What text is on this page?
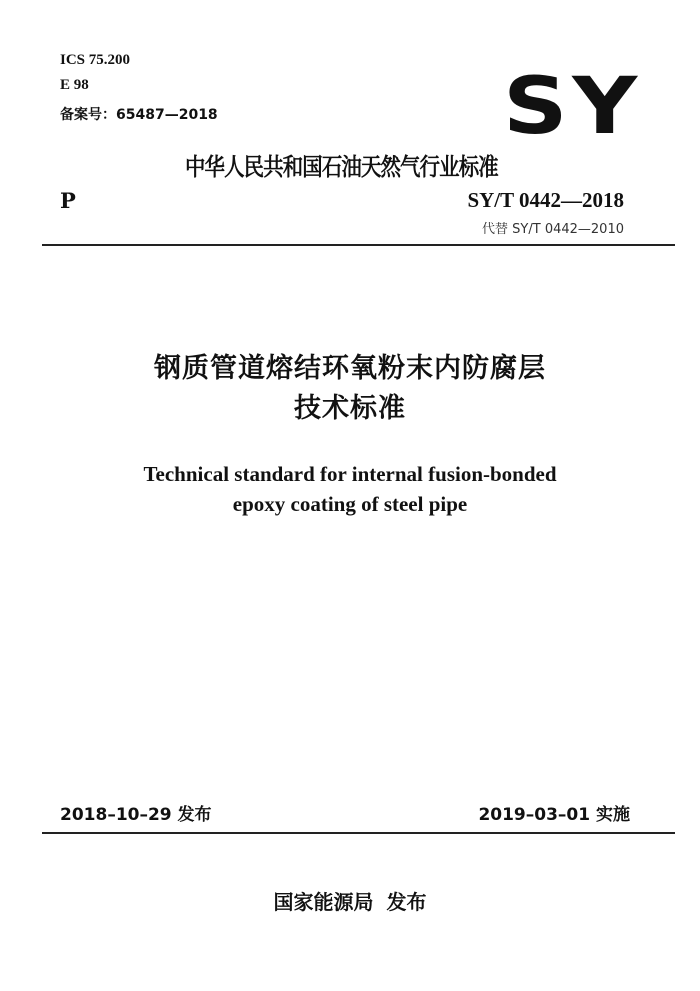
ICS 75.200
E 98
备案号：65487—2018	SY
中华人民共和国石油天然气行业标准
P	SY/T 0442—2018
代替 SY/T 0442—2010
钢质管道熔结环氧粉末内防腐层
技术标准
Technical standard for internal fusion-bonded
epoxy coating of steel pipe
2018–10–29 发布	2019–03–01 实施
国家能源局 发布
